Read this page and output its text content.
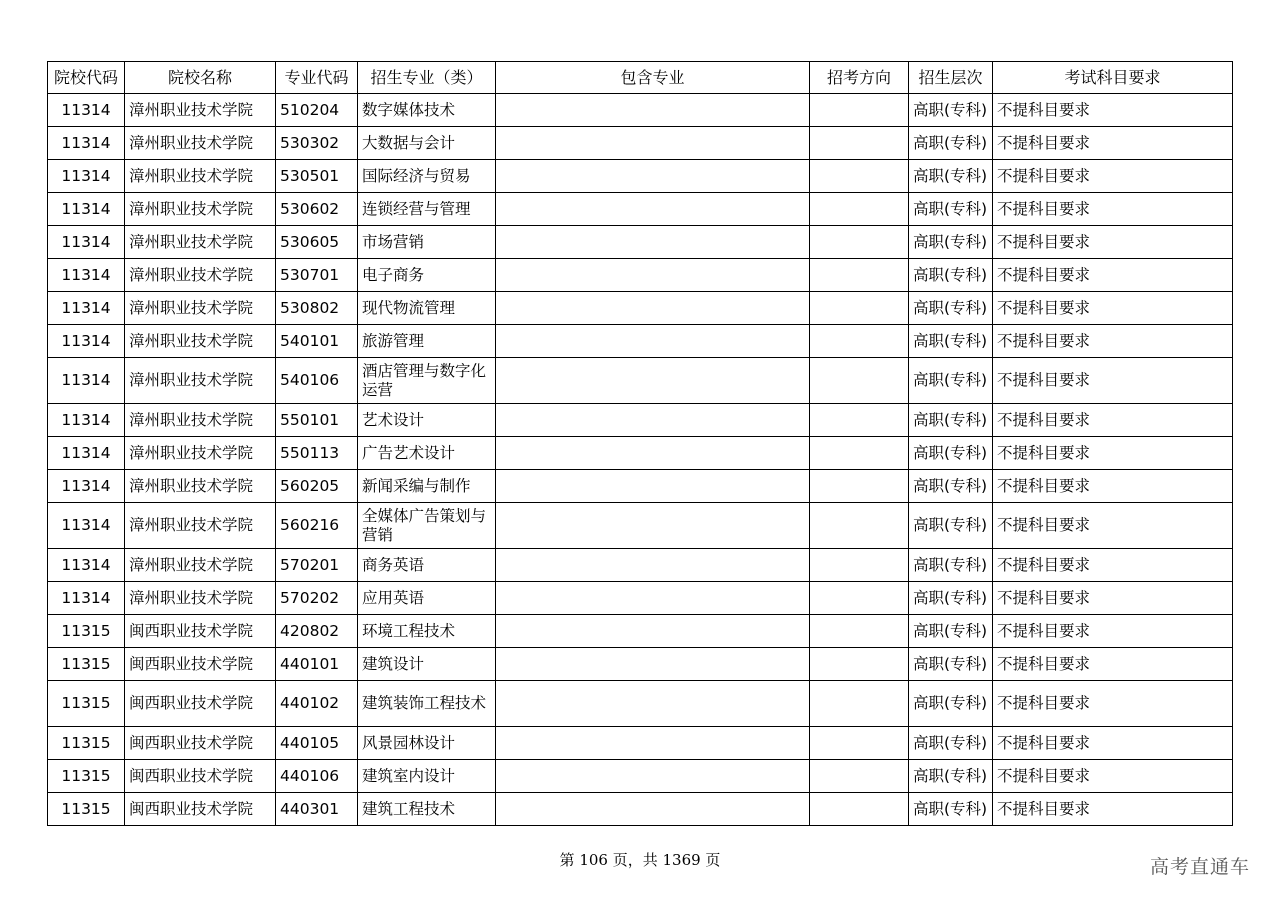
院校代码	院校名称	专业代码	招生专业（类）	包含专业	招考方向	招生层次	考试科目要求
11314	漳州职业技术学院	510204	数字媒体技术			高职(专科)	不提科目要求
11314	漳州职业技术学院	530302	大数据与会计			高职(专科)	不提科目要求
11314	漳州职业技术学院	530501	国际经济与贸易			高职(专科)	不提科目要求
11314	漳州职业技术学院	530602	连锁经营与管理			高职(专科)	不提科目要求
11314	漳州职业技术学院	530605	市场营销			高职(专科)	不提科目要求
11314	漳州职业技术学院	530701	电子商务			高职(专科)	不提科目要求
11314	漳州职业技术学院	530802	现代物流管理			高职(专科)	不提科目要求
11314	漳州职业技术学院	540101	旅游管理			高职(专科)	不提科目要求
11314	漳州职业技术学院	540106	酒店管理与数字化运营			高职(专科)	不提科目要求
11314	漳州职业技术学院	550101	艺术设计			高职(专科)	不提科目要求
11314	漳州职业技术学院	550113	广告艺术设计			高职(专科)	不提科目要求
11314	漳州职业技术学院	560205	新闻采编与制作			高职(专科)	不提科目要求
11314	漳州职业技术学院	560216	全媒体广告策划与营销			高职(专科)	不提科目要求
11314	漳州职业技术学院	570201	商务英语			高职(专科)	不提科目要求
11314	漳州职业技术学院	570202	应用英语			高职(专科)	不提科目要求
11315	闽西职业技术学院	420802	环境工程技术			高职(专科)	不提科目要求
11315	闽西职业技术学院	440101	建筑设计			高职(专科)	不提科目要求
11315	闽西职业技术学院	440102	建筑装饰工程技术			高职(专科)	不提科目要求
11315	闽西职业技术学院	440105	风景园林设计			高职(专科)	不提科目要求
11315	闽西职业技术学院	440106	建筑室内设计			高职(专科)	不提科目要求
11315	闽西职业技术学院	440301	建筑工程技术			高职(专科)	不提科目要求
第 106 页，共 1369 页	高考直通车
